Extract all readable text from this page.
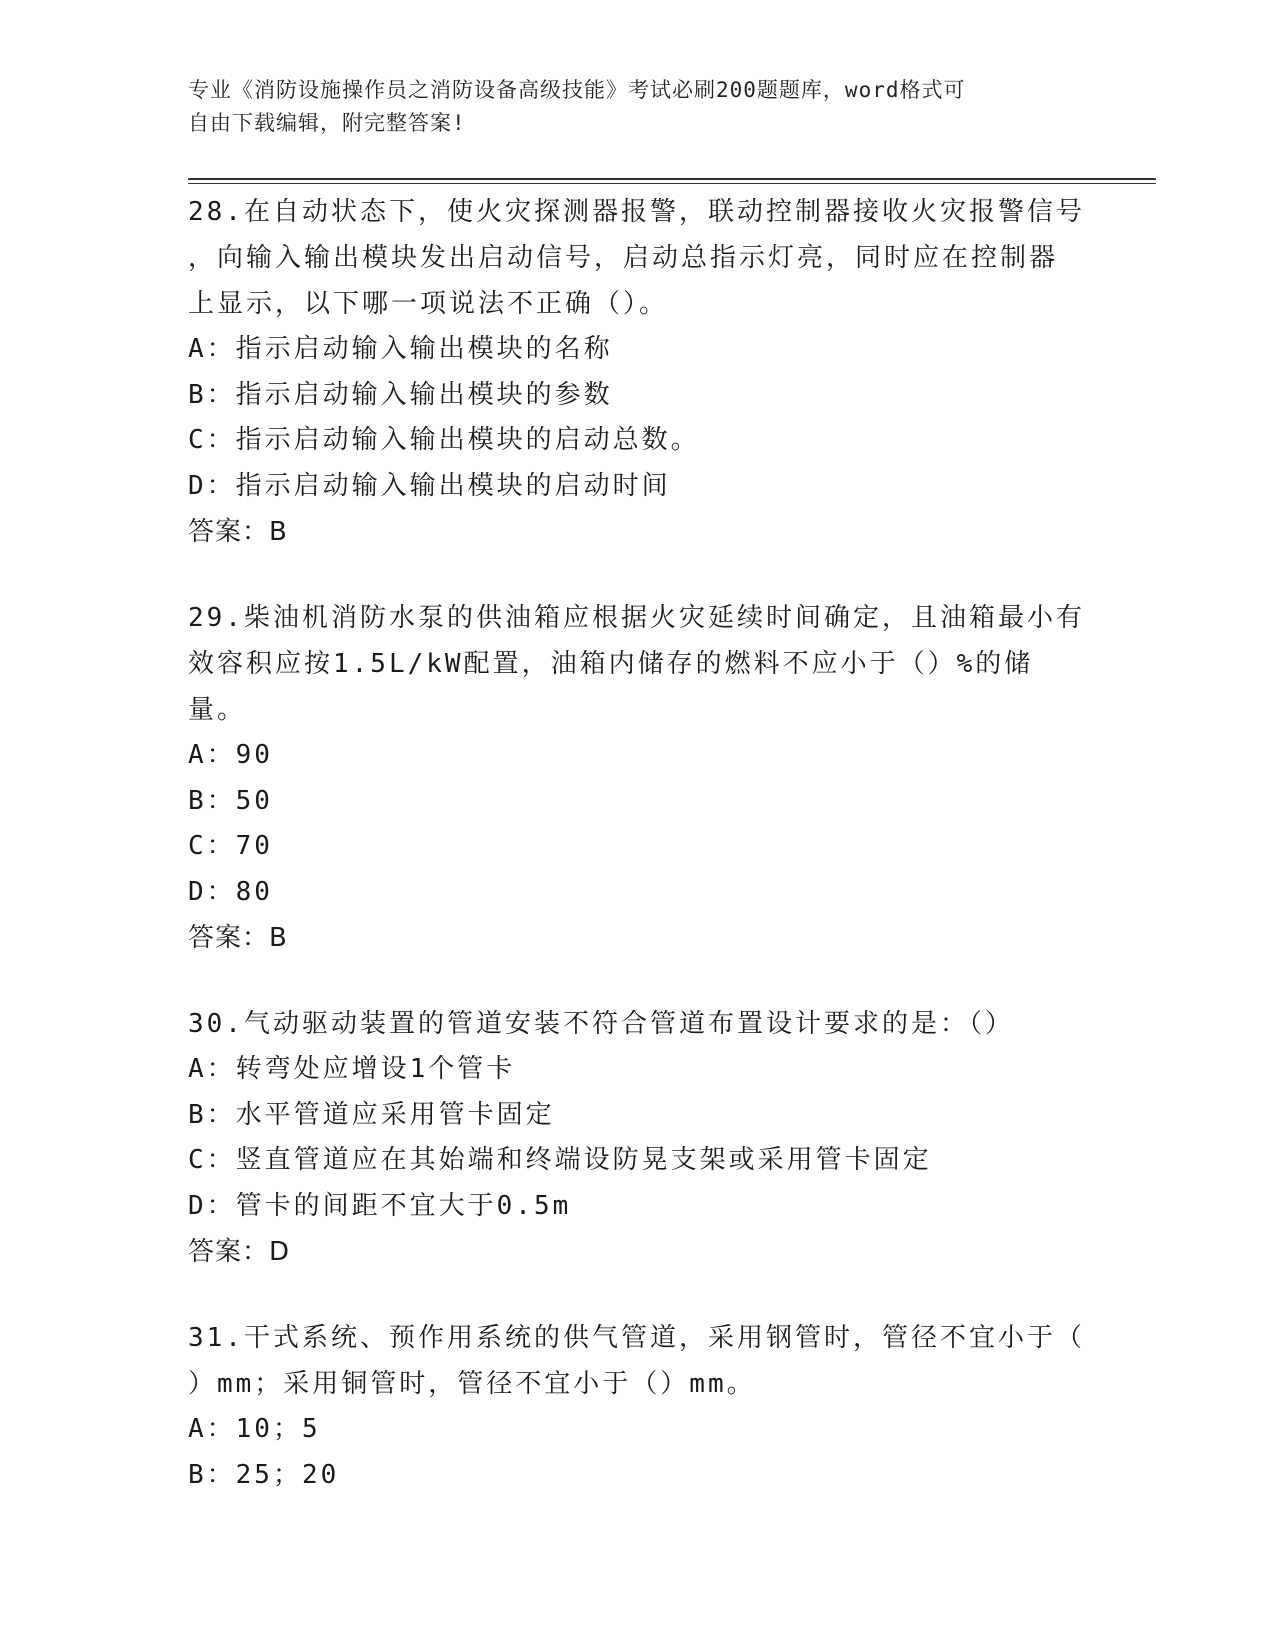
专业《消防设施操作员之消防设备高级技能》考试必刷200题题库，word格式可
自由下载编辑，附完整答案!
28.在自动状态下，使火灾探测器报警，联动控制器接收火灾报警信号
，向输入输出模块发出启动信号，启动总指示灯亮，同时应在控制器
上显示，以下哪一项说法不正确（）。
A：指示启动输入输出模块的名称
B：指示启动输入输出模块的参数
C：指示启动输入输出模块的启动总数。
D：指示启动输入输出模块的启动时间
答案：B
29.柴油机消防水泵的供油箱应根据火灾延续时间确定，且油箱最小有
效容积应按1.5L/kW配置，油箱内储存的燃料不应小于（）%的储量。
A：90
B：50
C：70
D：80
答案：B
30.气动驱动装置的管道安装不符合管道布置设计要求的是：（）
A：转弯处应增设1个管卡
B：水平管道应采用管卡固定
C：竖直管道应在其始端和终端设防晃支架或采用管卡固定
D：管卡的间距不宜大于0.5m
答案：D
31.干式系统、预作用系统的供气管道，采用钢管时，管径不宜小于（
）mm；采用铜管时，管径不宜小于（）mm。
A：10；5
B：25；20
